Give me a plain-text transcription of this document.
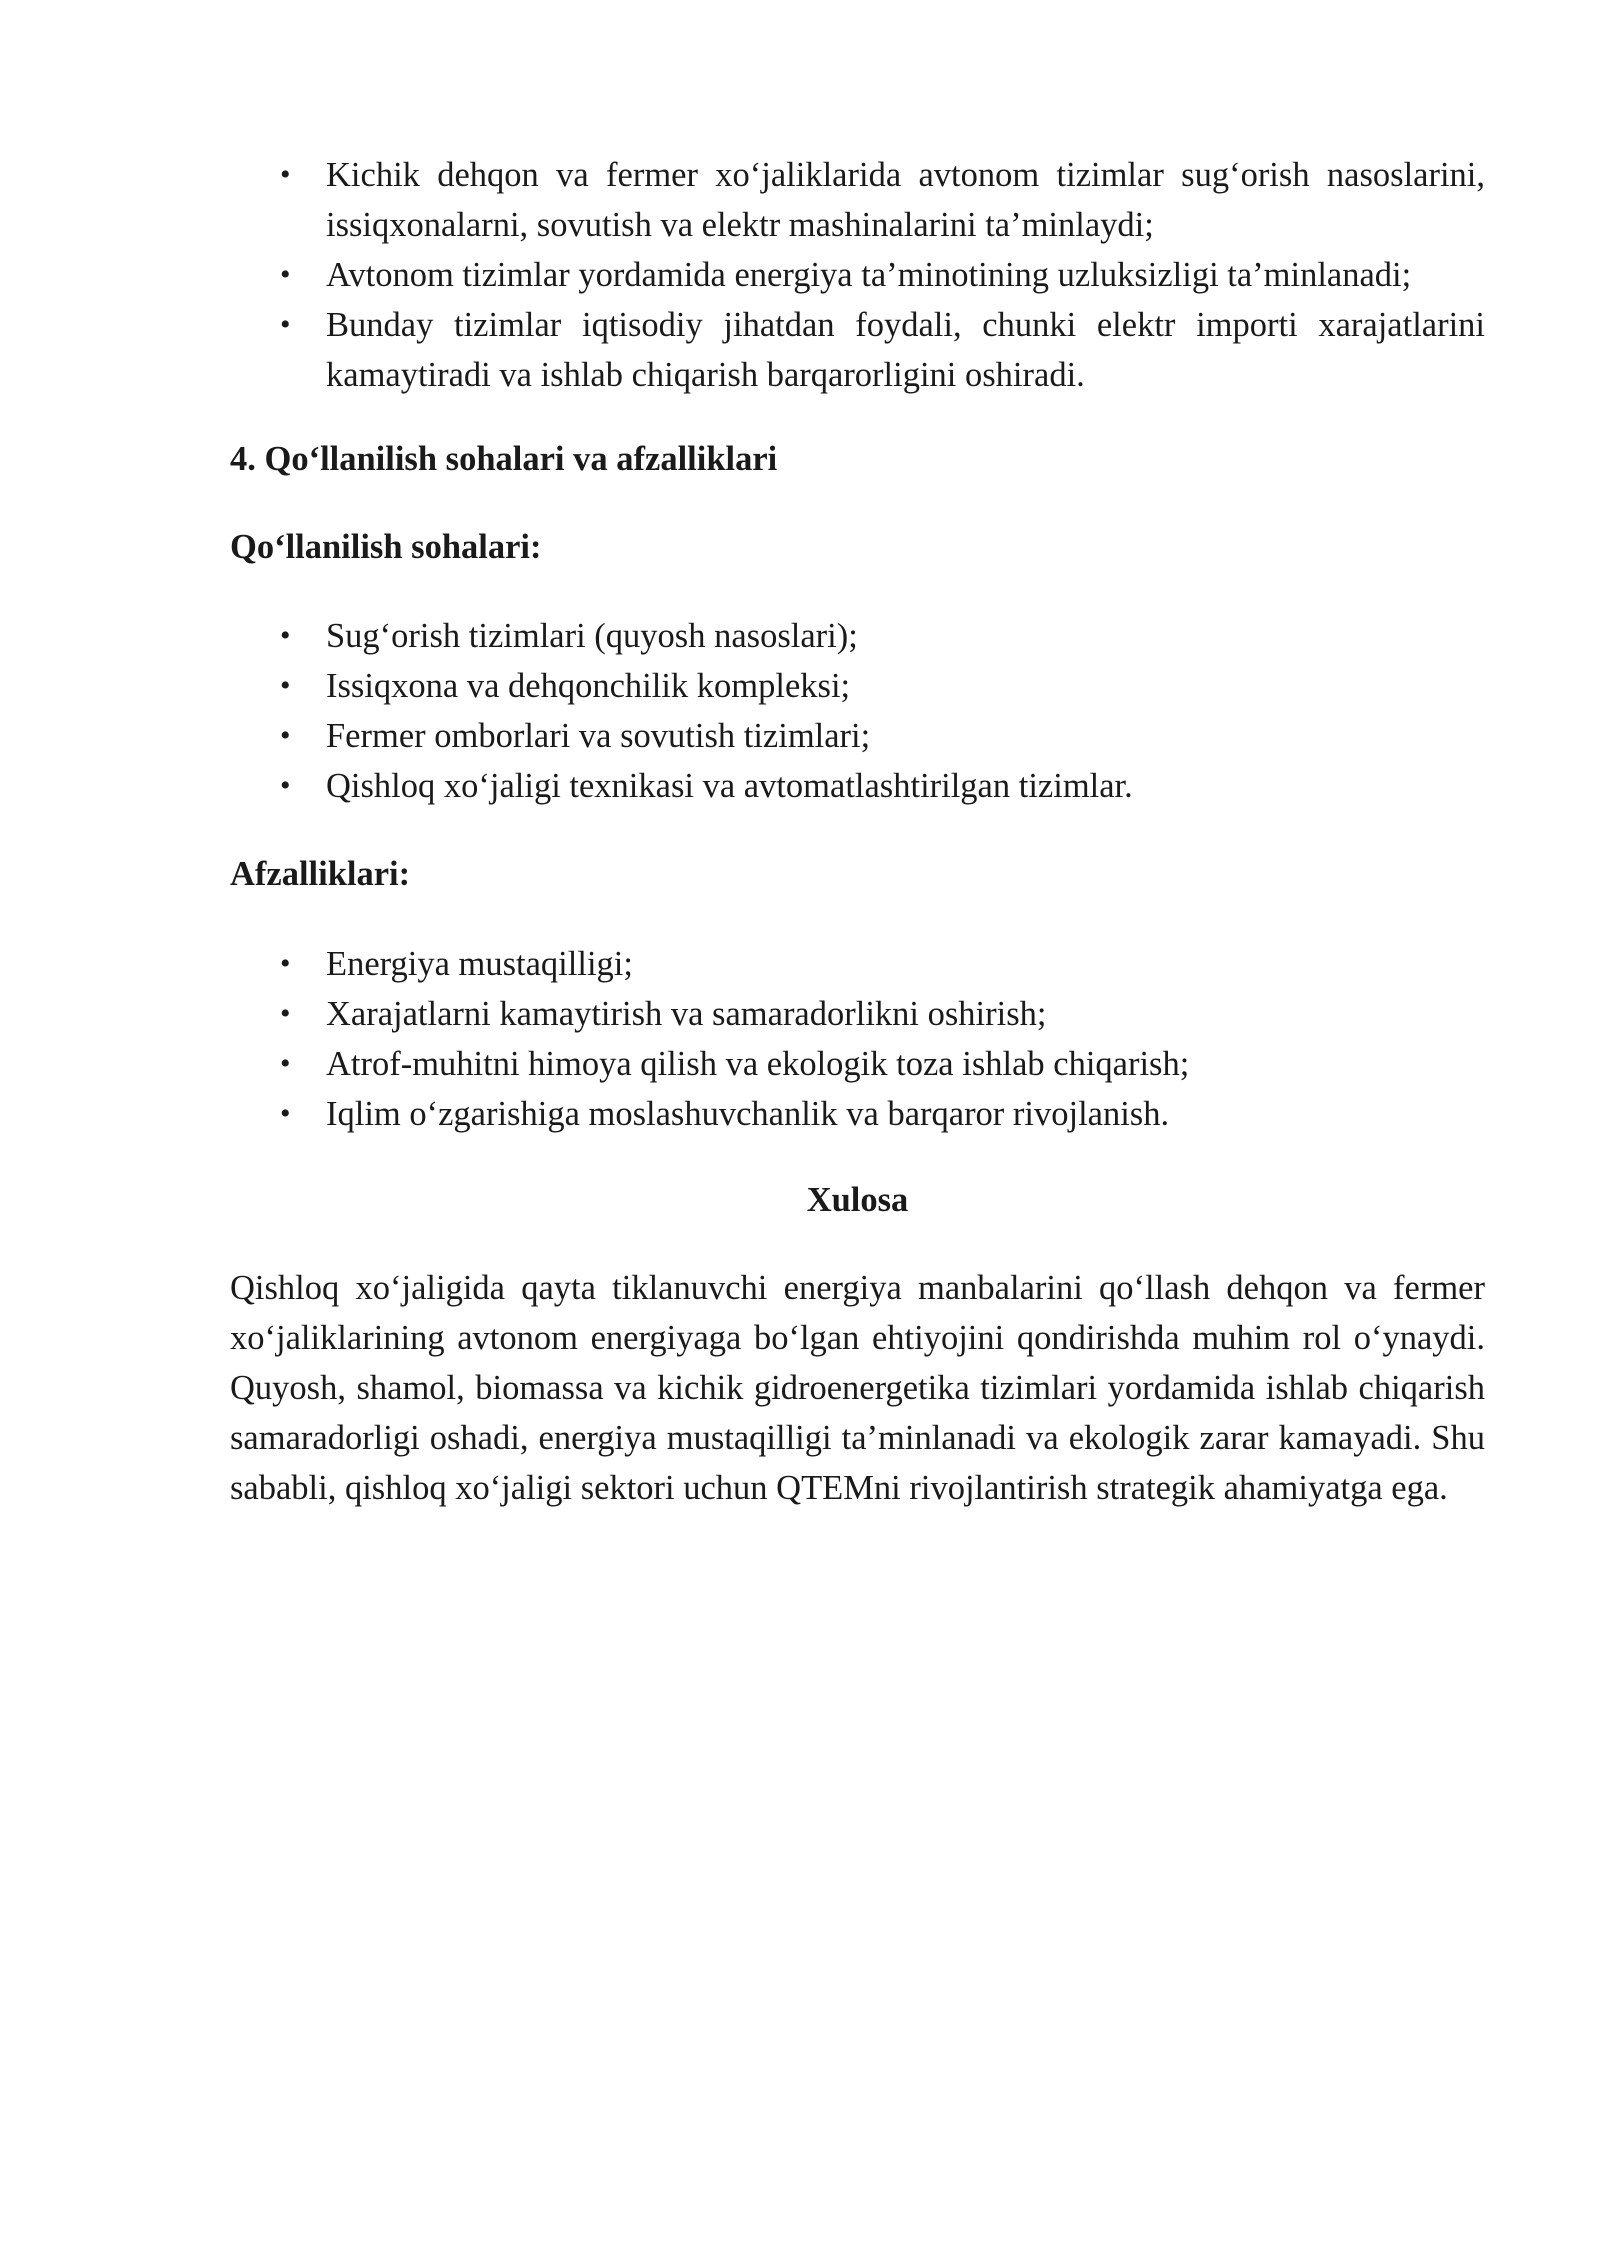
• Kichik dehqon va fermer xo‘jaliklarida avtonom tizimlar sug‘orish nasoslarini, issiqxonalarni, sovutish va elektr mashinalarini ta’minlaydi;
• Avtonom tizimlar yordamida energiya ta’minotining uzluksizligi ta’minlanadi;
• Bunday tizimlar iqtisodiy jihatdan foydali, chunki elektr importi xarajatlarini kamaytiradi va ishlab chiqarish barqarorligini oshiradi.

4. Qo‘llanilish sohalari va afzalliklari

Qo‘llanilish sohalari:

• Sug‘orish tizimlari (quyosh nasoslari);
• Issiqxona va dehqonchilik kompleksi;
• Fermer omborlari va sovutish tizimlari;
• Qishloq xo‘jaligi texnikasi va avtomatlashtirilgan tizimlar.

Afzalliklari:

• Energiya mustaqilligi;
• Xarajatlarni kamaytirish va samaradorlikni oshirish;
• Atrof-muhitni himoya qilish va ekologik toza ishlab chiqarish;
• Iqlim o‘zgarishiga moslashuvchanlik va barqaror rivojlanish.

Xulosa

Qishloq xo‘jaligida qayta tiklanuvchi energiya manbalarini qo‘llash dehqon va fermer xo‘jaliklarining avtonom energiyaga bo‘lgan ehtiyojini qondirishda muhim rol o‘ynaydi. Quyosh, shamol, biomassa va kichik gidroenergetika tizimlari yordamida ishlab chiqarish samaradorligi oshadi, energiya mustaqilligi ta’minlanadi va ekologik zarar kamayadi. Shu sababli, qishloq xo‘jaligi sektori uchun QTEMni rivojlantirish strategik ahamiyatga ega.
